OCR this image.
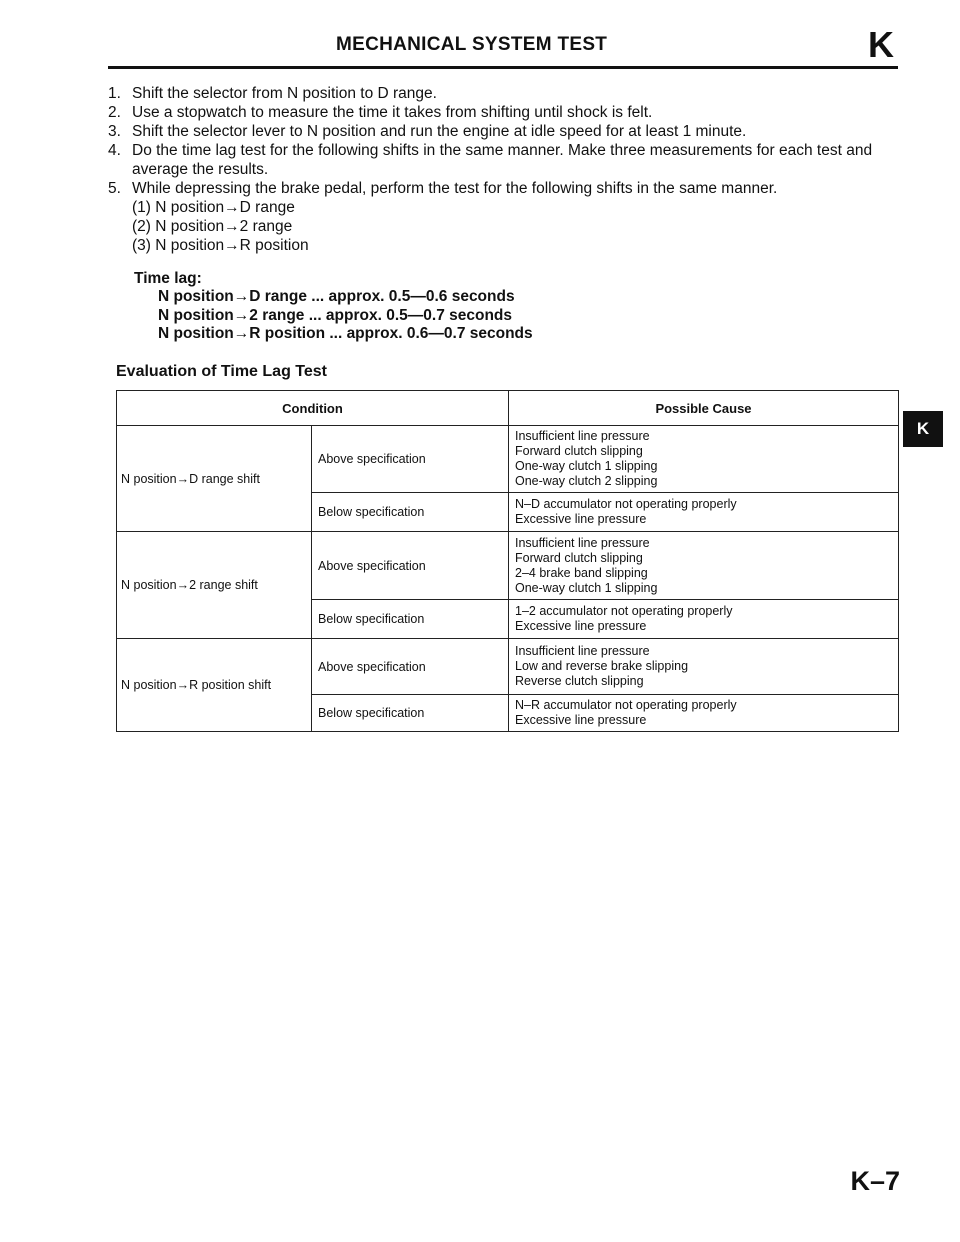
MECHANICAL SYSTEM TEST	K
1. Shift the selector from N position to D range.
2. Use a stopwatch to measure the time it takes from shifting until shock is felt.
3. Shift the selector lever to N position and run the engine at idle speed for at least 1 minute.
4. Do the time lag test for the following shifts in the same manner. Make three measurements for each test and average the results.
5. While depressing the brake pedal, perform the test for the following shifts in the same manner.
(1) N position→D range
(2) N position→2 range
(3) N position→R position
Time lag:
N position→D range ... approx. 0.5—0.6 seconds
N position→2 range ... approx. 0.5—0.7 seconds
N position→R position ... approx. 0.6—0.7 seconds
Evaluation of Time Lag Test
Condition		Possible Cause
N position→D range shift	Above specification	Insufficient line pressure
Forward clutch slipping
One-way clutch 1 slipping
One-way clutch 2 slipping

	Below specification	N–D accumulator not operating properly
Excessive line pressure

N position→2 range shift	Above specification	Insufficient line pressure
Forward clutch slipping
2–4 brake band slipping
One-way clutch 1 slipping

	Below specification	1–2 accumulator not operating properly
Excessive line pressure

N position→R position shift	Above specification	Insufficient line pressure
Low and reverse brake slipping
Reverse clutch slipping

	Below specification	N–R accumulator not operating properly
Excessive line pressure
K
K–7
